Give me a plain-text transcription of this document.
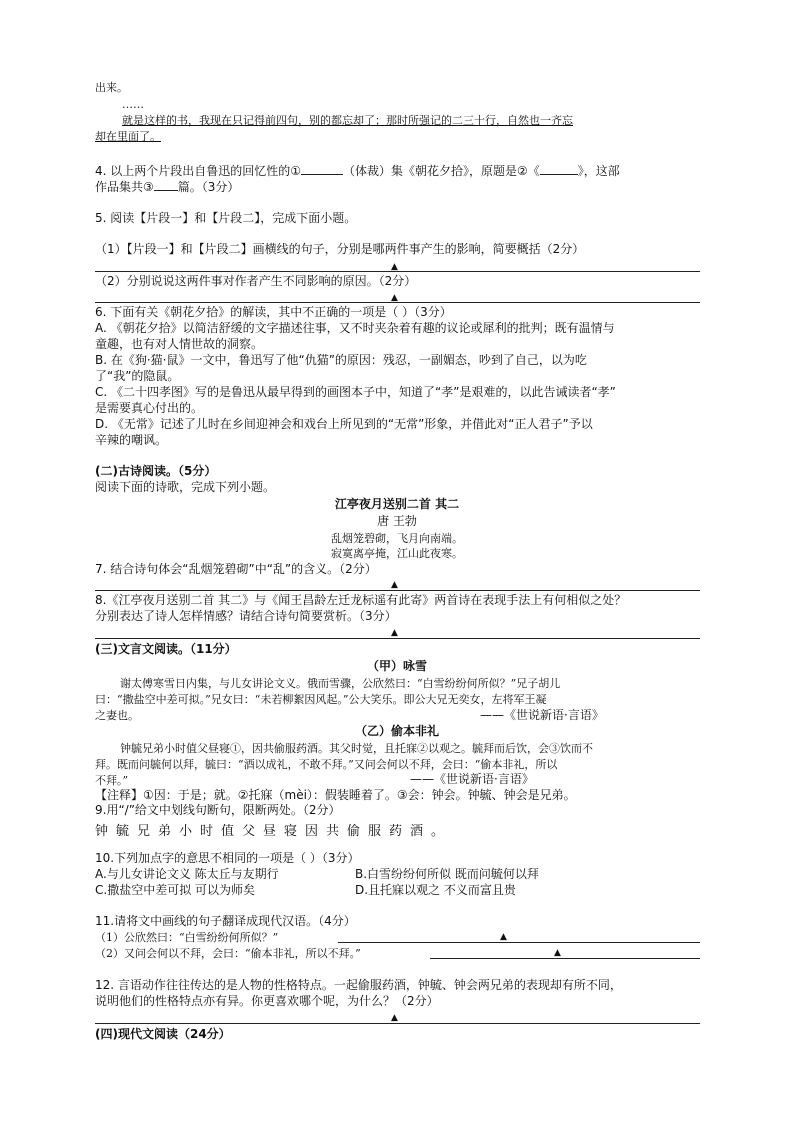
出来。
……
就是这样的书，我现在只记得前四句，别的都忘却了；那时所强记的二三十行，自然也一齐忘
却在里面了。
4. 以上两个片段出自鲁迅的回忆性的①	（体裁）集《朝花夕拾》，原题是②《	》，这部
作品集共③ 篇。（3分）
5. 阅读【片段一】和【片段二】，完成下面小题。
（1）【片段一】和【片段二】画横线的句子，分别是哪两件事产生的影响，简要概括（2分）
▲
（2）分别说说这两件事对作者产生不同影响的原因。（2分）
▲
6. 下面有关《朝花夕拾》的解读，其中不正确的一项是（ ）（3分）
A. 《朝花夕拾》以简洁舒缓的文字描述往事，又不时夹杂着有趣的议论或犀利的批判；既有温情与
童趣，也有对人情世故的洞察。
B. 在《狗·猫·鼠》一文中，鲁迅写了他“仇猫”的原因：残忍，一副媚态，吵到了自己，以为吃
了“我”的隐鼠。
C. 《二十四孝图》写的是鲁迅从最早得到的画图本子中，知道了“孝”是艰难的，以此告诫读者“孝”
是需要真心付出的。
D. 《无常》记述了儿时在乡间迎神会和戏台上所见到的“无常”形象，并借此对“正人君子”予以
辛辣的嘲讽。
(二)古诗阅读。（5分）
阅读下面的诗歌，完成下列小题。
江亭夜月送别二首 其二
唐 王勃
乱烟笼碧砌，飞月向南端。
寂寞离亭掩，江山此夜寒。
7. 结合诗句体会“乱烟笼碧砌”中“乱”的含义。（2分）
▲
8.《江亭夜月送别二首 其二》与《闻王昌龄左迁龙标遥有此寄》两首诗在表现手法上有何相似之处？
分别表达了诗人怎样情感？请结合诗句简要赏析。（3分）
▲
(三)文言文阅读。（11分）
（甲）咏雪
谢太傅寒雪日内集，与儿女讲论文义。俄而雪骤，公欣然曰：“白雪纷纷何所似？”兄子胡儿
曰：“撒盐空中差可拟。”兄女曰：“未若柳絮因风起。”公大笑乐。即公大兄无奕女，左将军王凝
之妻也。	——《世说新语·言语》
（乙）偷本非礼
钟毓兄弟小时值父昼寝①，因共偷服药酒。其父时觉，且托寐②以观之。毓拜而后饮，会③饮而不
拜。既而问毓何以拜，毓曰：“酒以成礼，不敢不拜。”又问会何以不拜，会曰：“偷本非礼，所以
不拜。”	——《世说新语·言语》
【注释】①因：于是；就。②托寐（mèi）：假装睡着了。③会：钟会。钟毓、钟会是兄弟。
9.用“/”给文中划线句断句，限断两处。（2分）
钟毓兄弟小时值父昼寝因共偷服药酒。
10.下列加点字的意思不相同的一项是（ ）（3分）
A.与儿女讲论文义 陈太丘与友期行	B.白雪纷纷何所似 既而问毓何以拜
C.撒盐空中差可拟 可以为师矣	D.且托寐以观之 不义而富且贵
11.请将文中画线的句子翻译成现代汉语。（4分）
（1）公欣然曰：“白雪纷纷何所似？”	▲
（2）又问会何以不拜，会曰：“偷本非礼，所以不拜。”	▲
12. 言语动作往往传达的是人物的性格特点。一起偷服药酒，钟毓、钟会两兄弟的表现却有所不同，
说明他们的性格特点亦有异。你更喜欢哪个呢，为什么？（2分）
▲
(四)现代文阅读（24分）
